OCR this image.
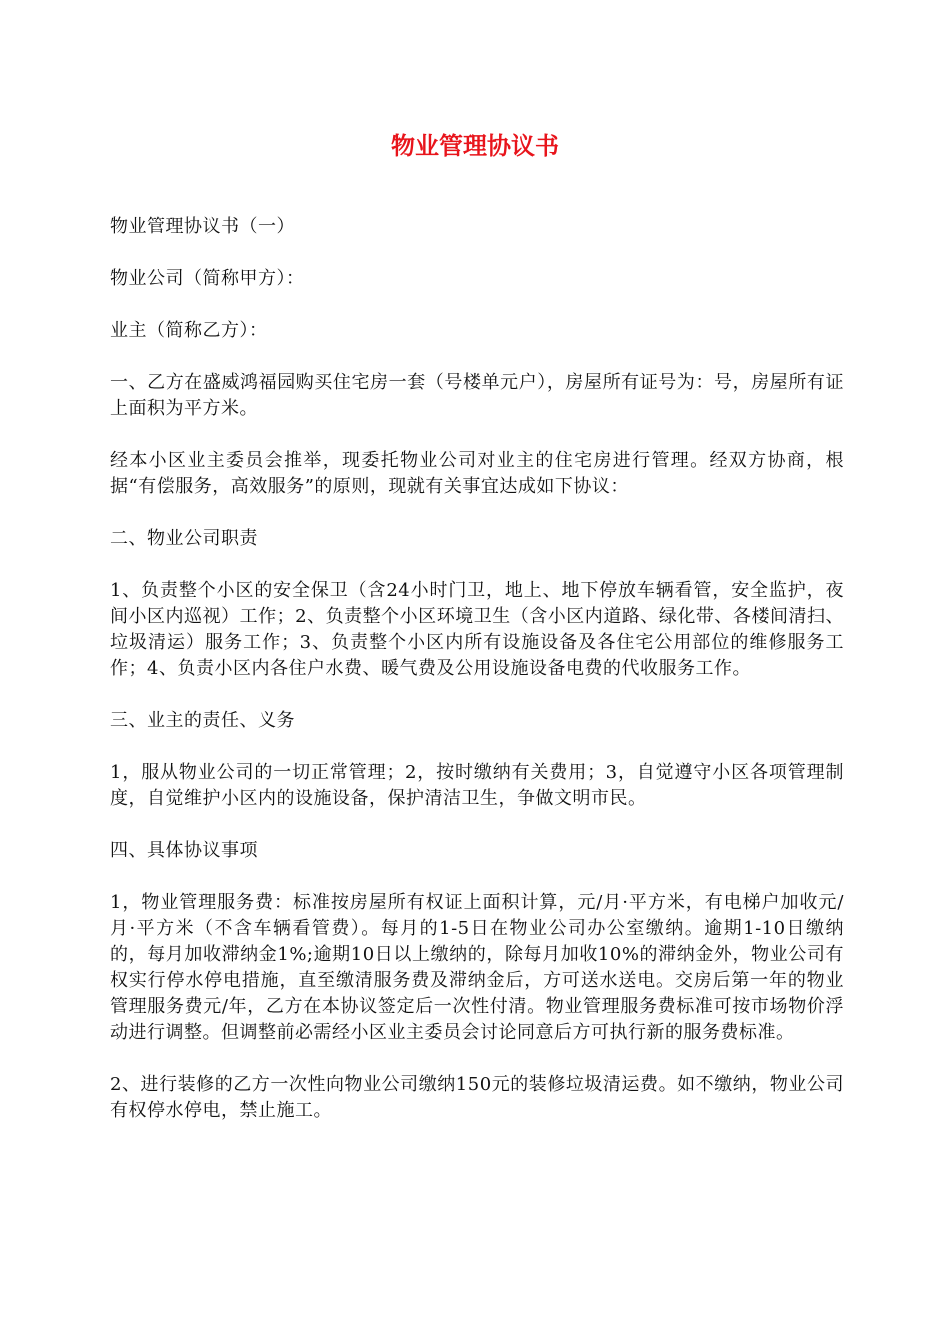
物业管理协议书

物业管理协议书（一）

物业公司（简称甲方）：

业主（简称乙方）：

一、乙方在盛威鸿福园购买住宅房一套（号楼单元户），房屋所有证号为：号，房屋所有证上面积为平方米。

经本小区业主委员会推举，现委托物业公司对业主的住宅房进行管理。经双方协商，根据“有偿服务，高效服务”的原则，现就有关事宜达成如下协议：

二、物业公司职责

1、负责整个小区的安全保卫（含24小时门卫，地上、地下停放车辆看管，安全监护，夜间小区内巡视）工作；2、负责整个小区环境卫生（含小区内道路、绿化带、各楼间清扫、垃圾清运）服务工作；3、负责整个小区内所有设施设备及各住宅公用部位的维修服务工作；4、负责小区内各住户水费、暖气费及公用设施设备电费的代收服务工作。

三、业主的责任、义务

1，服从物业公司的一切正常管理；2，按时缴纳有关费用；3，自觉遵守小区各项管理制度，自觉维护小区内的设施设备，保护清洁卫生，争做文明市民。

四、具体协议事项

1，物业管理服务费：标准按房屋所有权证上面积计算，元/月·平方米，有电梯户加收元/月·平方米（不含车辆看管费）。每月的1-5日在物业公司办公室缴纳。逾期1-10日缴纳的，每月加收滞纳金1%;逾期10日以上缴纳的，除每月加收10%的滞纳金外，物业公司有权实行停水停电措施，直至缴清服务费及滞纳金后，方可送水送电。交房后第一年的物业管理服务费元/年，乙方在本协议签定后一次性付清。物业管理服务费标准可按市场物价浮动进行调整。但调整前必需经小区业主委员会讨论同意后方可执行新的服务费标准。

2、进行装修的乙方一次性向物业公司缴纳150元的装修垃圾清运费。如不缴纳，物业公司有权停水停电，禁止施工。
